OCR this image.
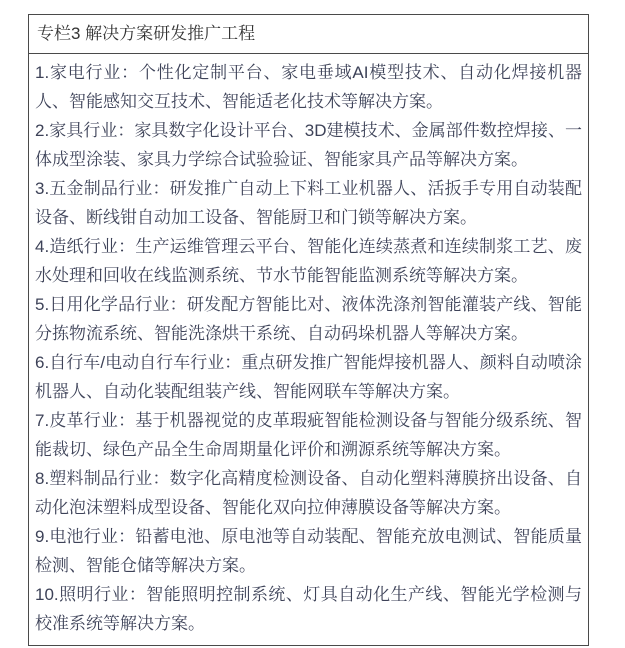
专栏3 解决方案研发推广工程

1.家电行业：个性化定制平台、家电垂域AI模型技术、自动化焊接机器人、智能感知交互技术、智能适老化技术等解决方案。

2.家具行业：家具数字化设计平台、3D建模技术、金属部件数控焊接、一体成型涂装、家具力学综合试验验证、智能家具产品等解决方案。

3.五金制品行业：研发推广自动上下料工业机器人、活扳手专用自动装配设备、断线钳自动加工设备、智能厨卫和门锁等解决方案。

4.造纸行业：生产运维管理云平台、智能化连续蒸煮和连续制浆工艺、废水处理和回收在线监测系统、节水节能智能监测系统等解决方案。

5.日用化学品行业：研发配方智能比对、液体洗涤剂智能灌装产线、智能分拣物流系统、智能洗涤烘干系统、自动码垛机器人等解决方案。

6.自行车/电动自行车行业：重点研发推广智能焊接机器人、颜料自动喷涂机器人、自动化装配组装产线、智能网联车等解决方案。

7.皮革行业：基于机器视觉的皮革瑕疵智能检测设备与智能分级系统、智能裁切、绿色产品全生命周期量化评价和溯源系统等解决方案。

8.塑料制品行业：数字化高精度检测设备、自动化塑料薄膜挤出设备、自动化泡沫塑料成型设备、智能化双向拉伸薄膜设备等解决方案。

9.电池行业：铅蓄电池、原电池等自动装配、智能充放电测试、智能质量检测、智能仓储等解决方案。

10.照明行业：智能照明控制系统、灯具自动化生产线、智能光学检测与校准系统等解决方案。
